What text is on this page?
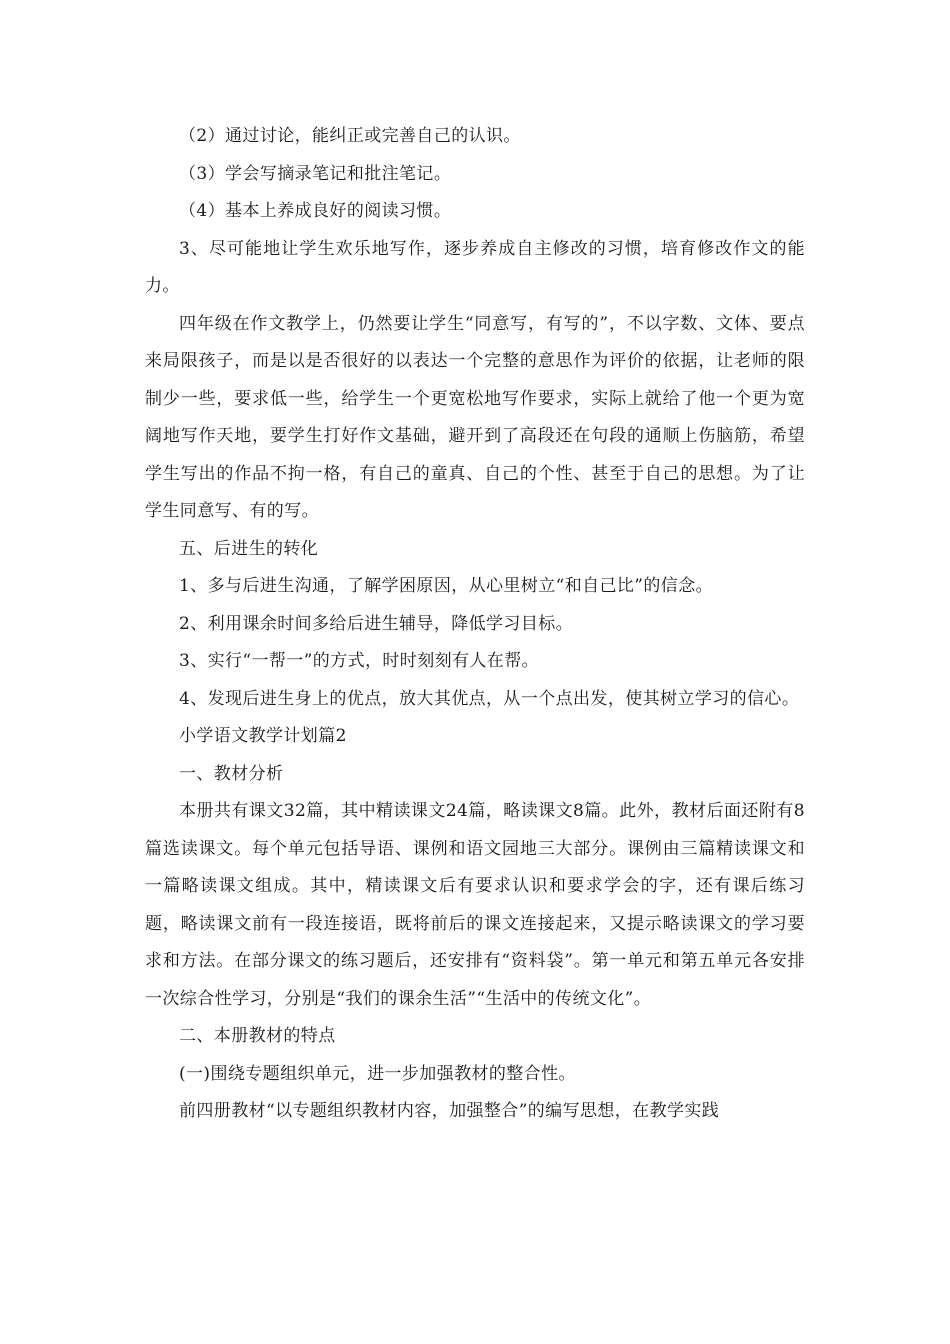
（2）通过讨论，能纠正或完善自己的认识。

（3）学会写摘录笔记和批注笔记。

（4）基本上养成良好的阅读习惯。

3、尽可能地让学生欢乐地写作，逐步养成自主修改的习惯，培育修改作文的能力。

四年级在作文教学上，仍然要让学生“同意写，有写的”，不以字数、文体、要点来局限孩子，而是以是否很好的以表达一个完整的意思作为评价的依据，让老师的限制少一些，要求低一些，给学生一个更宽松地写作要求，实际上就给了他一个更为宽阔地写作天地，要学生打好作文基础，避开到了高段还在句段的通顺上伤脑筋，希望学生写出的作品不拘一格，有自己的童真、自己的个性、甚至于自己的思想。为了让学生同意写、有的写。

五、后进生的转化

1、多与后进生沟通，了解学困原因，从心里树立“和自己比”的信念。

2、利用课余时间多给后进生辅导，降低学习目标。

3、实行“一帮一”的方式，时时刻刻有人在帮。

4、发现后进生身上的优点，放大其优点，从一个点出发，使其树立学习的信心。

小学语文教学计划篇2

一、教材分析

本册共有课文32篇，其中精读课文24篇，略读课文8篇。此外，教材后面还附有8篇选读课文。每个单元包括导语、课例和语文园地三大部分。课例由三篇精读课文和一篇略读课文组成。其中，精读课文后有要求认识和要求学会的字，还有课后练习题，略读课文前有一段连接语，既将前后的课文连接起来，又提示略读课文的学习要求和方法。在部分课文的练习题后，还安排有“资料袋”。第一单元和第五单元各安排一次综合性学习，分别是“我们的课余生活”“生活中的传统文化”。

二、本册教材的特点

(一)围绕专题组织单元，进一步加强教材的整合性。

前四册教材“以专题组织教材内容，加强整合”的编写思想，在教学实践
